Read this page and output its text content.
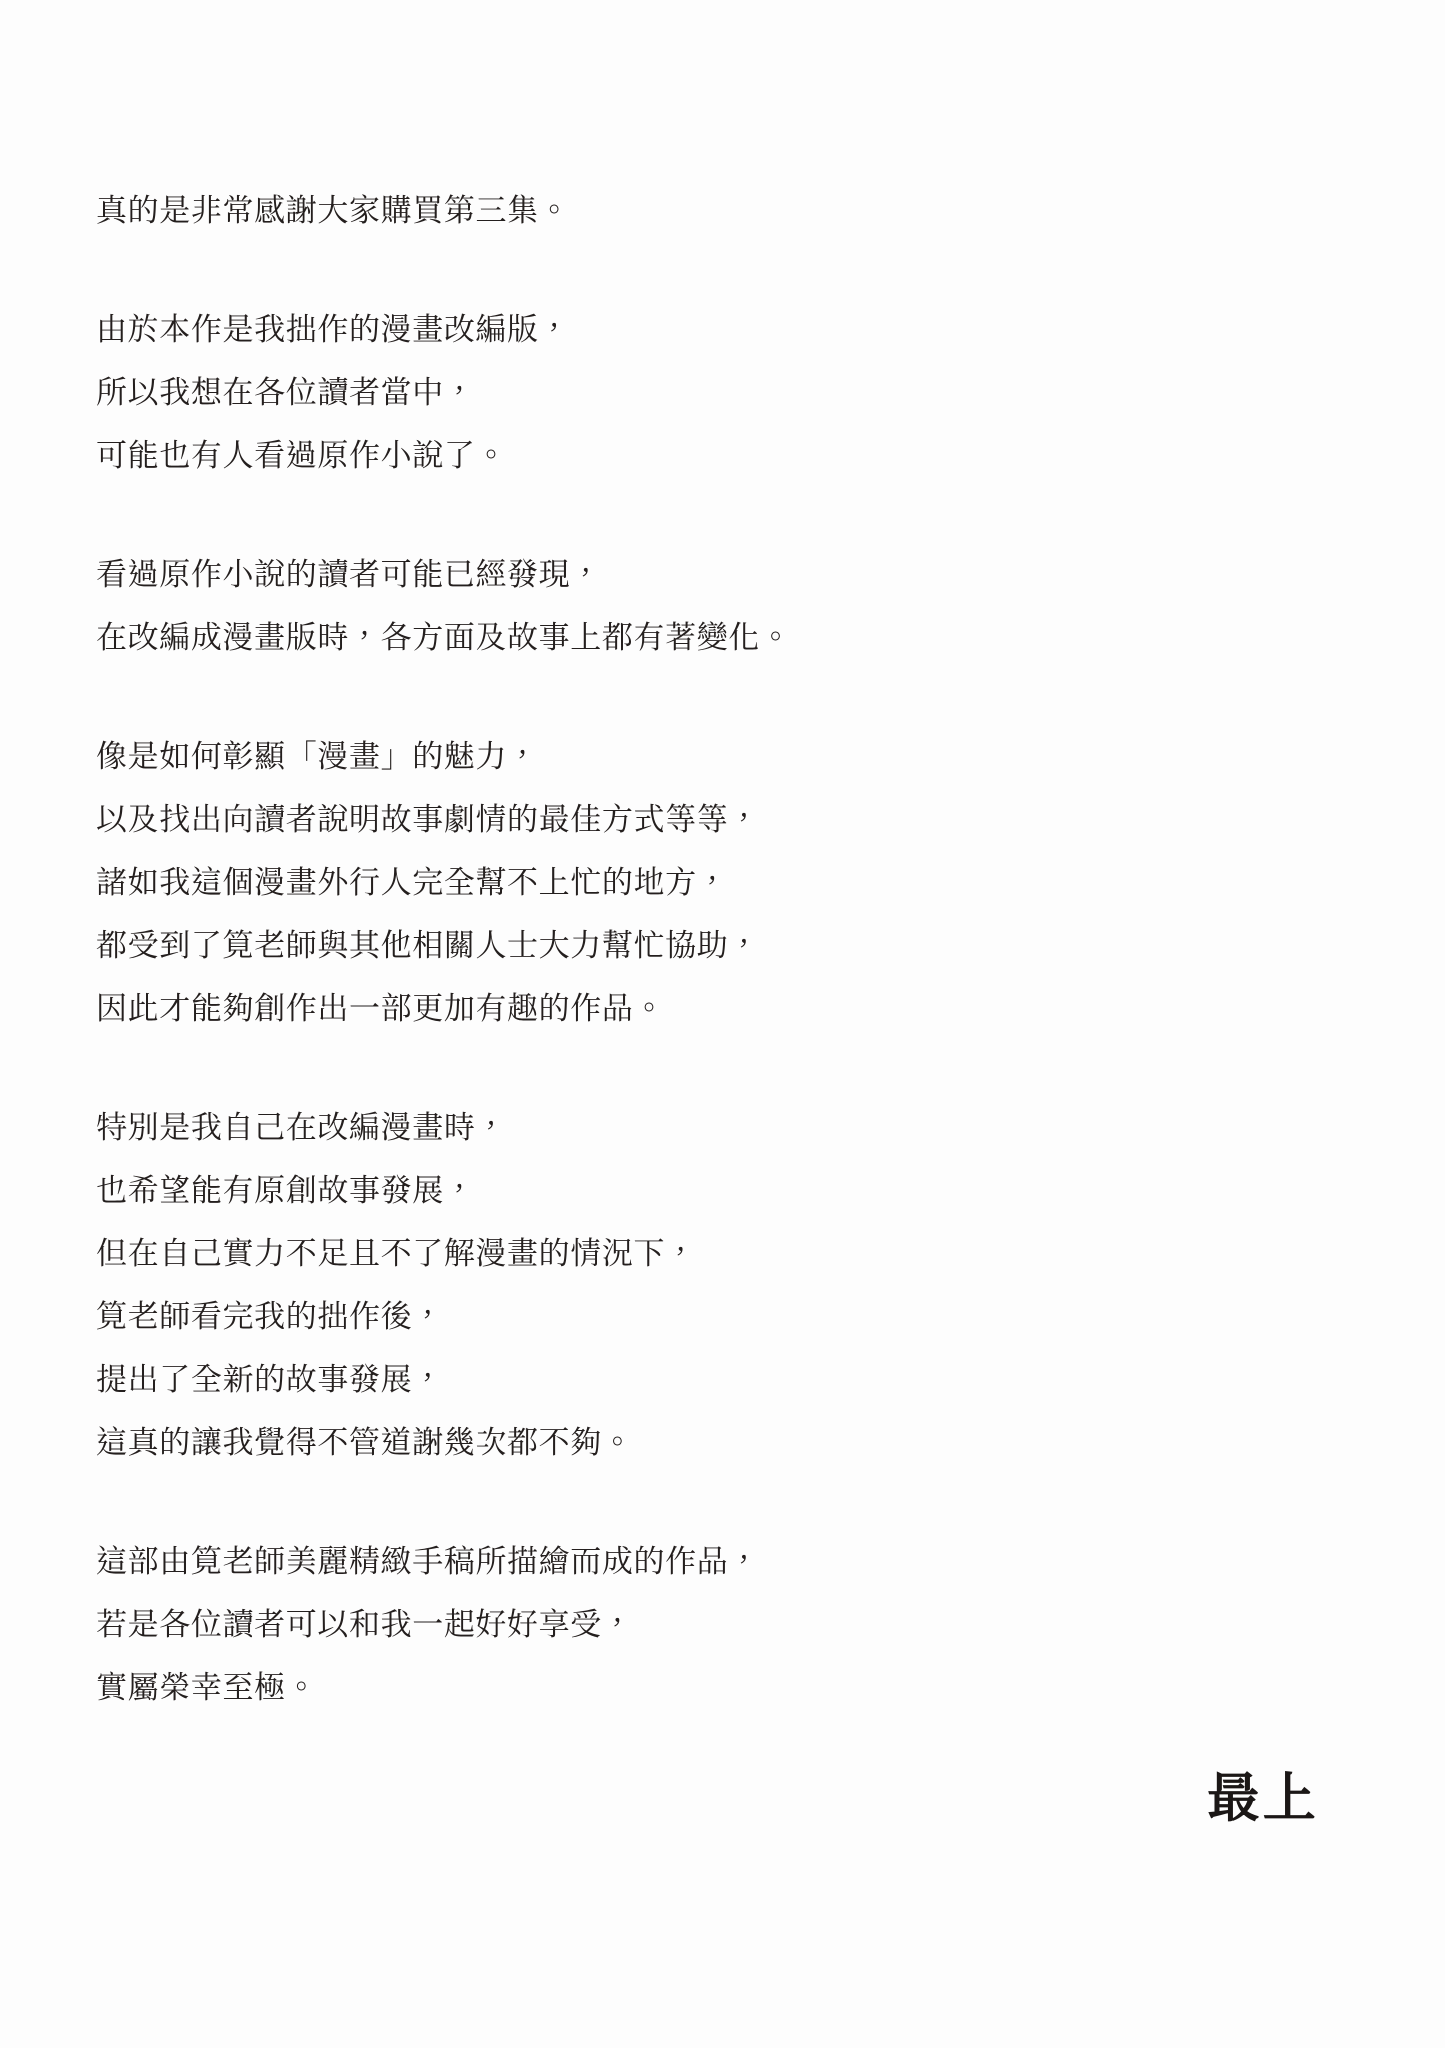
真的是非常感謝大家購買第三集。
由於本作是我拙作的漫畫改編版，
所以我想在各位讀者當中，
可能也有人看過原作小說了。
看過原作小說的讀者可能已經發現，
在改編成漫畫版時，各方面及故事上都有著變化。
像是如何彰顯「漫畫」的魅力，
以及找出向讀者說明故事劇情的最佳方式等等，
諸如我這個漫畫外行人完全幫不上忙的地方，
都受到了筧老師與其他相關人士大力幫忙協助，
因此才能夠創作出一部更加有趣的作品。
特別是我自己在改編漫畫時，
也希望能有原創故事發展，
但在自己實力不足且不了解漫畫的情況下，
筧老師看完我的拙作後，
提出了全新的故事發展，
這真的讓我覺得不管道謝幾次都不夠。
這部由筧老師美麗精緻手稿所描繪而成的作品，
若是各位讀者可以和我一起好好享受，
實屬榮幸至極。
最上
